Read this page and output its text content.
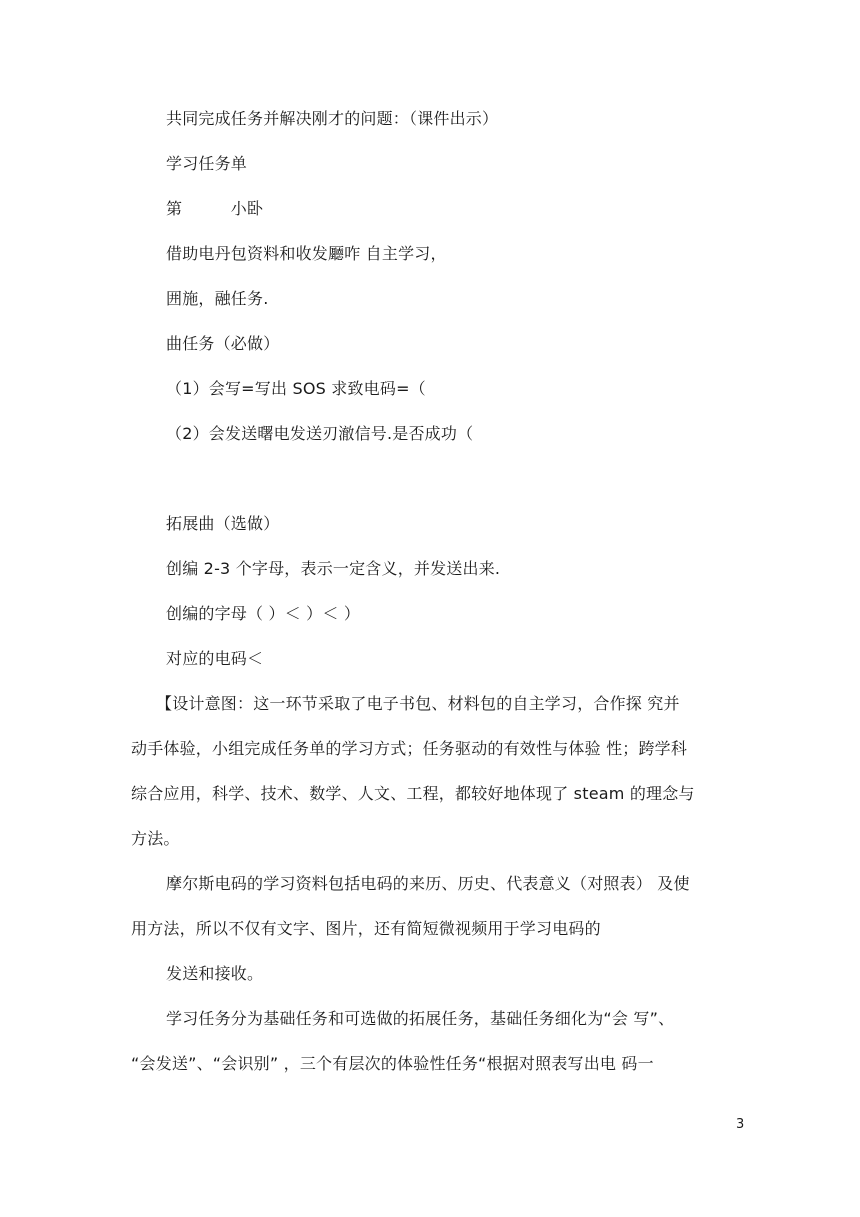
共同完成任务并解决刚才的问题：（课件出示）
学习任务单
第　　　小卧
借助电丹包资料和收发㕔咋 自主学习，
囲施，融任务.
曲任务（必做）
（1）会写=写出 SOS 求致电码=（
（2）会发送曙电发送刃澈信号.是否成功（
拓展曲（选做）
创编 2-3 个字母，表示一定含义，并发送出来.
创编的字母（ ）＜ ）＜ ）
对应的电码＜
【设计意图：这一环节采取了电子书包、材料包的自主学习，合作探 究并
动手体验，小组完成任务单的学习方式；任务驱动的有效性与体验 性；跨学科
综合应用，科学、技术、数学、人文、工程，都较好地体现了 steam 的理念与
方法。
摩尔斯电码的学习资料包括电码的来历、历史、代表意义（对照表） 及使
用方法，所以不仅有文字、图片，还有简短微视频用于学习电码的
发送和接收。
学习任务分为基础任务和可选做的拓展任务，基础任务细化为“会 写”、
“会发送”、“会识别” ，三个有层次的体验性任务“根据对照表写出电 码一
3
